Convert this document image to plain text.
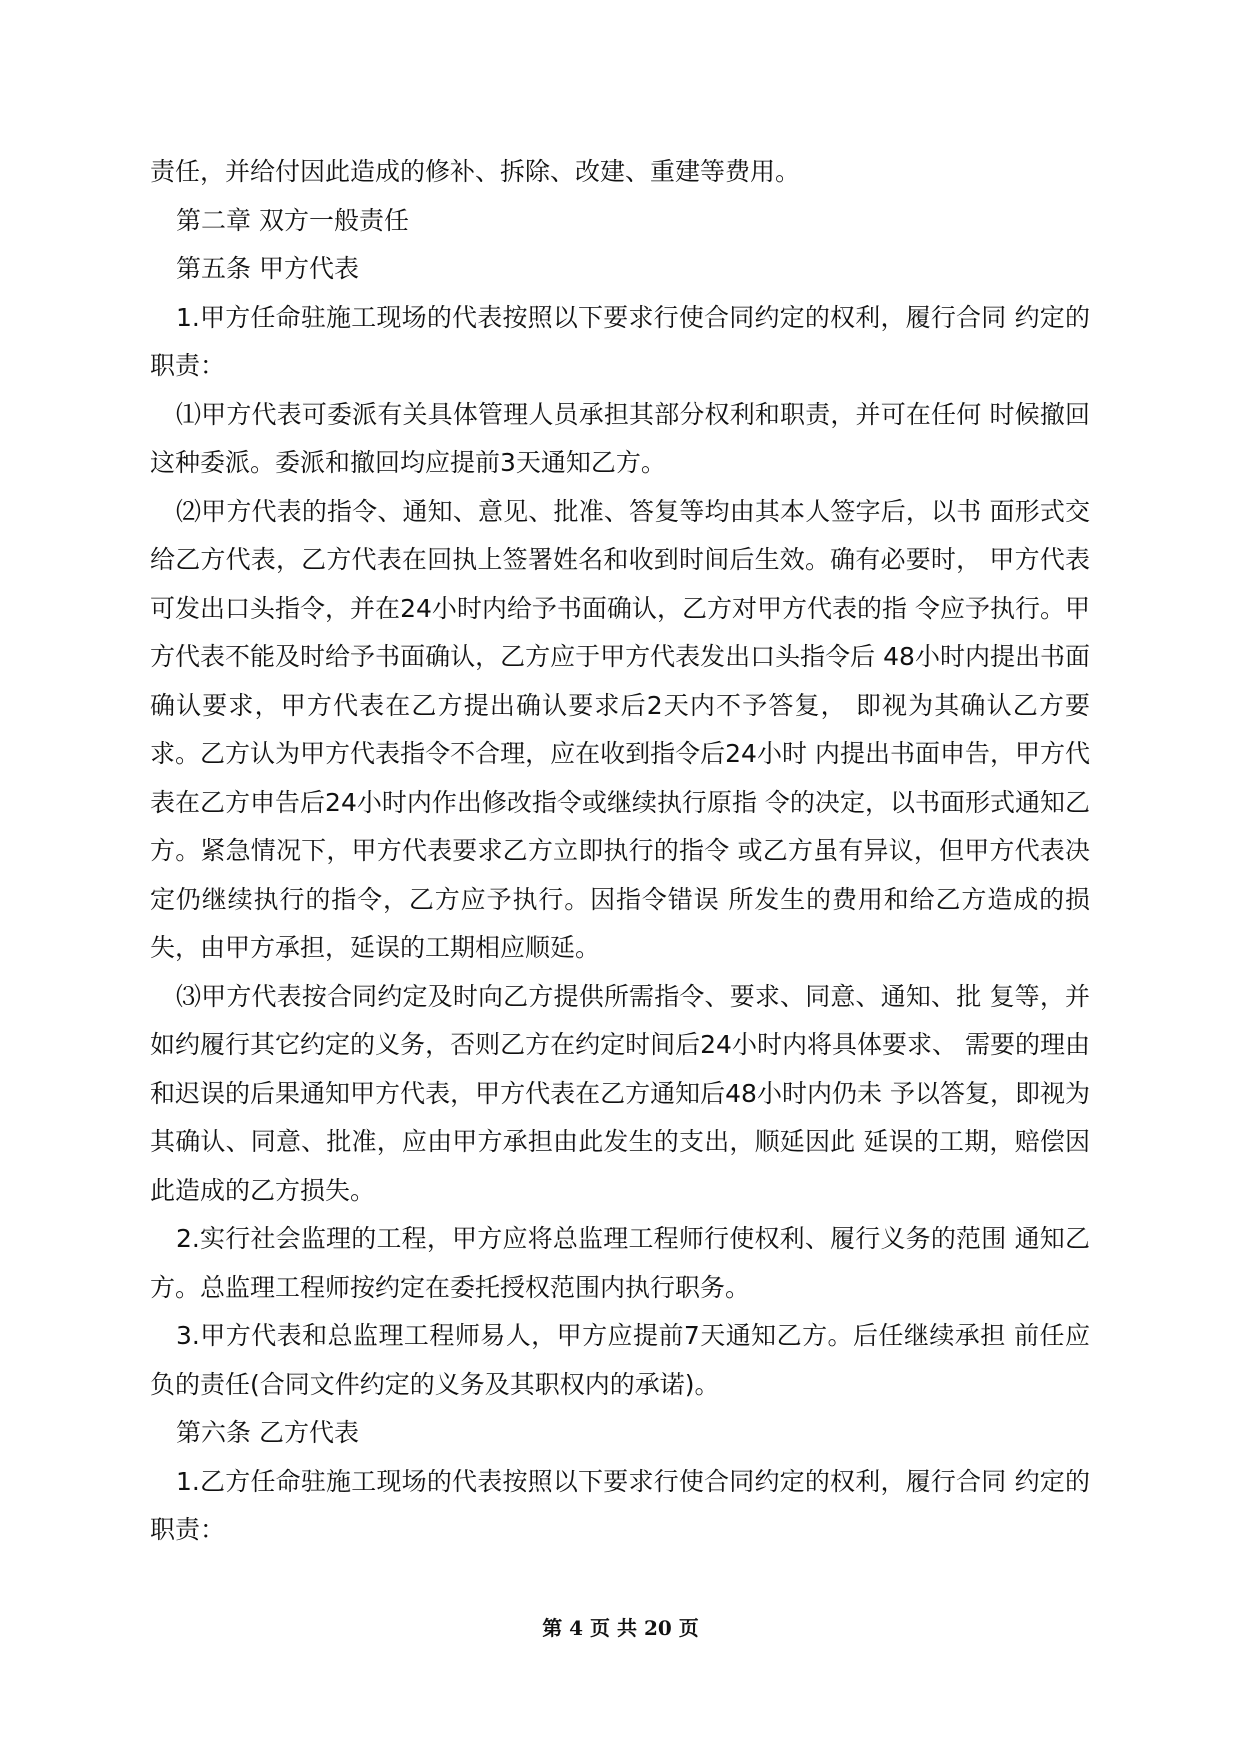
责任，并给付因此造成的修补、拆除、改建、重建等费用。

第二章 双方一般责任

第五条 甲方代表

1.甲方任命驻施工现场的代表按照以下要求行使合同约定的权利，履行合同 约定的职责：

⑴甲方代表可委派有关具体管理人员承担其部分权利和职责，并可在任何 时候撤回这种委派。委派和撤回均应提前3天通知乙方。

⑵甲方代表的指令、通知、意见、批准、答复等均由其本人签字后，以书 面形式交给乙方代表，乙方代表在回执上签署姓名和收到时间后生效。确有必要时， 甲方代表可发出口头指令，并在24小时内给予书面确认，乙方对甲方代表的指 令应予执行。甲方代表不能及时给予书面确认，乙方应于甲方代表发出口头指令后 48小时内提出书面确认要求，甲方代表在乙方提出确认要求后2天内不予答复， 即视为其确认乙方要求。乙方认为甲方代表指令不合理，应在收到指令后24小时 内提出书面申告，甲方代表在乙方申告后24小时内作出修改指令或继续执行原指 令的决定，以书面形式通知乙方。紧急情况下，甲方代表要求乙方立即执行的指令 或乙方虽有异议，但甲方代表决定仍继续执行的指令，乙方应予执行。因指令错误 所发生的费用和给乙方造成的损失，由甲方承担，延误的工期相应顺延。

⑶甲方代表按合同约定及时向乙方提供所需指令、要求、同意、通知、批 复等，并如约履行其它约定的义务，否则乙方在约定时间后24小时内将具体要求、 需要的理由和迟误的后果通知甲方代表，甲方代表在乙方通知后48小时内仍未 予以答复，即视为其确认、同意、批准，应由甲方承担由此发生的支出，顺延因此 延误的工期，赔偿因此造成的乙方损失。

2.实行社会监理的工程，甲方应将总监理工程师行使权利、履行义务的范围 通知乙方。总监理工程师按约定在委托授权范围内执行职务。

3.甲方代表和总监理工程师易人，甲方应提前7天通知乙方。后任继续承担 前任应负的责任(合同文件约定的义务及其职权内的承诺)。

第六条 乙方代表

1.乙方任命驻施工现场的代表按照以下要求行使合同约定的权利，履行合同 约定的职责：

第 4 页 共 20 页
